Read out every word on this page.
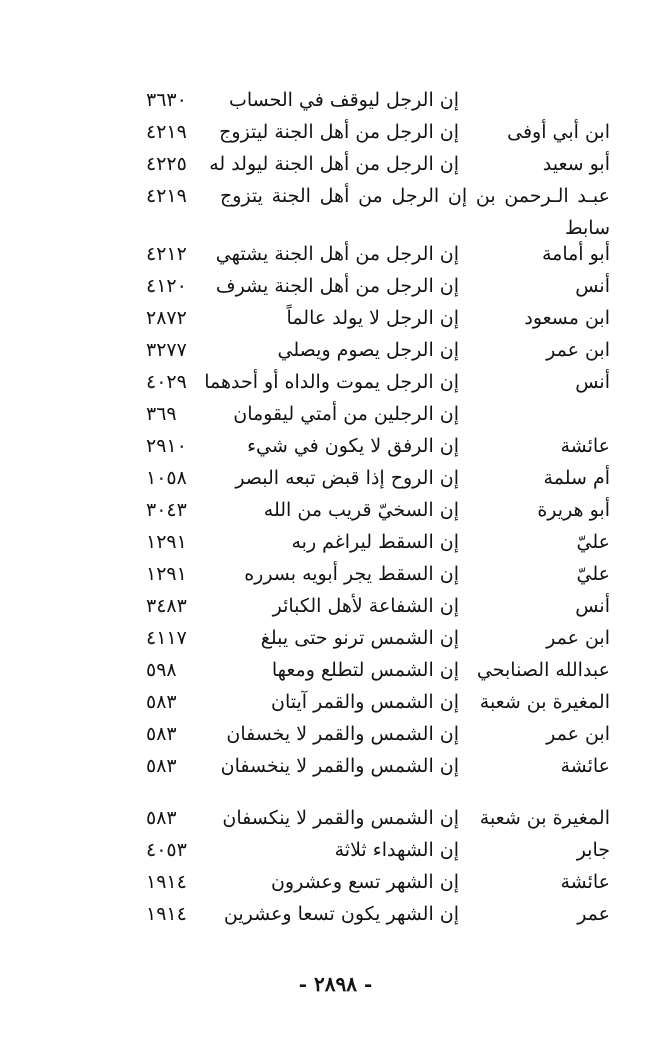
إن الرجل ليوقف في الحساب
٣٦٣٠
ابن أبي أوفى
إن الرجل من أهل الجنة ليتزوج
٤٢١٩
أبو سعيد
إن الرجل من أهل الجنة ليولد له
٤٢٢٥
عبـد الـرحمن بن إن الرجل من أهل الجنة يتزوج
٤٢١٩
سابط
أبو أمامة
إن الرجل من أهل الجنة يشتهي
٤٢١٢
أنس
إن الرجل من أهل الجنة يشرف
٤١٢٠
ابن مسعود
إن الرجل لا يولد عالماً
٢٨٧٢
ابن عمر
إن الرجل يصوم ويصلي
٣٢٧٧
أنس
إن الرجل يموت والداه أو أحدهما
٤٠٢٩
إن الرجلين من أمتي ليقومان
٣٦٩
عائشة
إن الرفق لا يكون في شيء
٢٩١٠
أم سلمة
إن الروح إذا قبض تبعه البصر
١٠٥٨
أبو هريرة
إن السخيّ قريب من الله
٣٠٤٣
عليّ
إن السقط ليراغم ربه
١٢٩١
عليّ
إن السقط يجر أبويه بسرره
١٢٩١
أنس
إن الشفاعة لأهل الكبائر
٣٤٨٣
ابن عمر
إن الشمس ترنو حتى يبلغ
٤١١٧
عبدالله الصنابحي
إن الشمس لتطلع ومعها
٥٩٨
المغيرة بن شعبة
إن الشمس والقمر آيتان
٥٨٣
ابن عمر
إن الشمس والقمر لا يخسفان
٥٨٣
عائشة
إن الشمس والقمر لا ينخسفان
٥٨٣
المغيرة بن شعبة
إن الشمس والقمر لا ينكسفان
٥٨٣
جابر
إن الشهداء ثلاثة
٤٠٥٣
عائشة
إن الشهر تسع وعشرون
١٩١٤
عمر
إن الشهر يكون تسعا وعشرين
١٩١٤
- ٢٨٩٨ -
